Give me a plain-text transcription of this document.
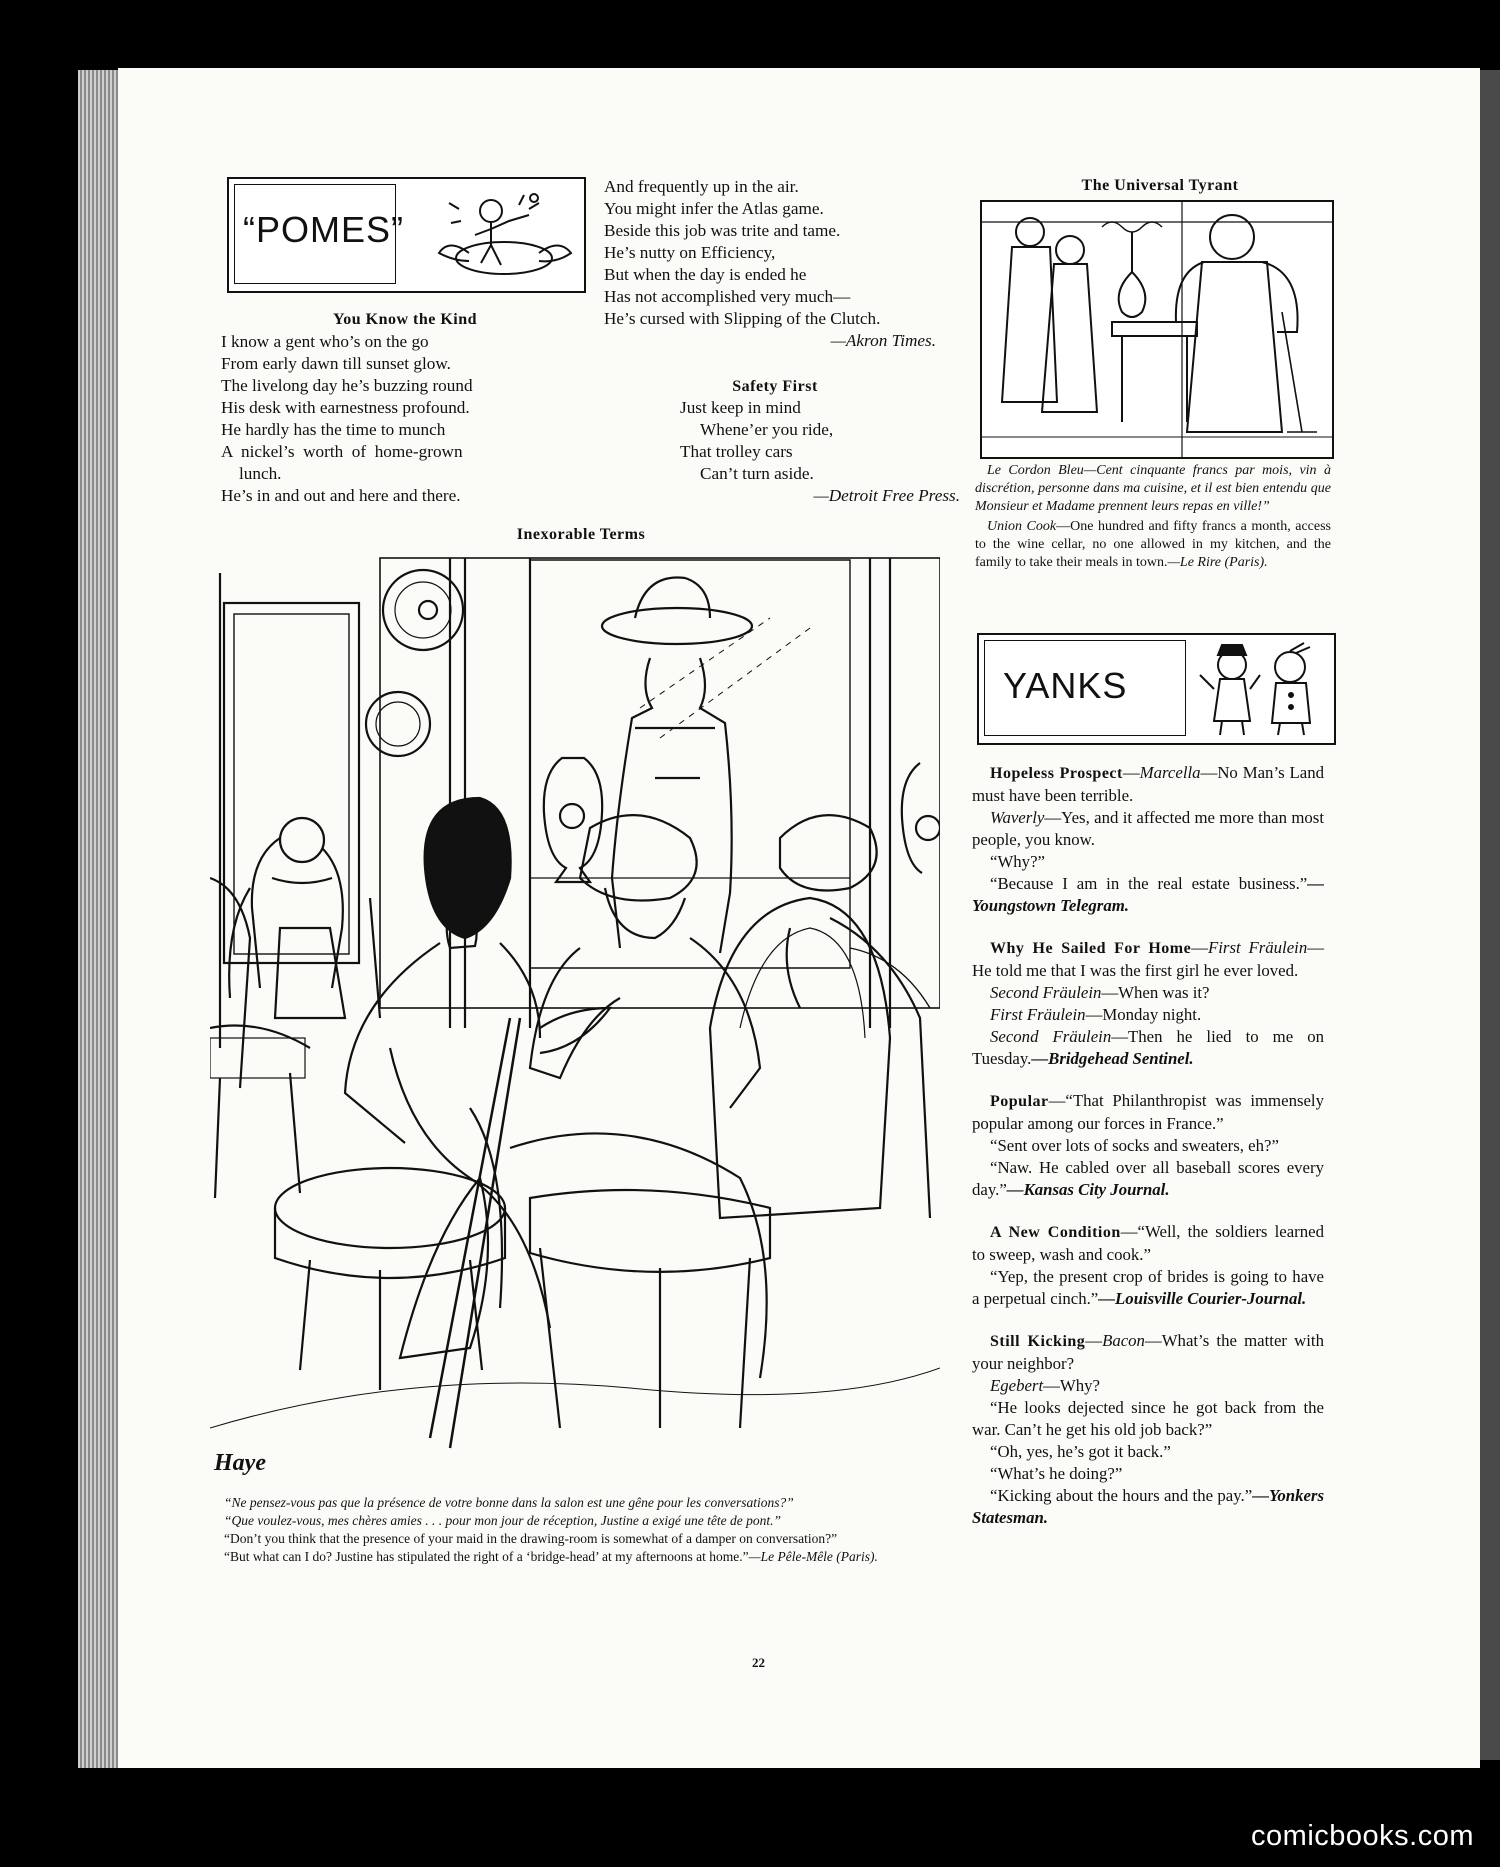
“POMES”
You Know the Kind
I know a gent who’s on the go
From early dawn till sunset glow.
The livelong day he’s buzzing round
His desk with earnestness profound.
He hardly has the time to munch
A  nickel’s  worth  of  home-grown
lunch.
He’s in and out and here and there.
And frequently up in the air.
You might infer the Atlas game.
Beside this job was trite and tame.
He’s nutty on Efficiency,
But when the day is ended he
Has not accomplished very much—
He’s cursed with Slipping of the Clutch.
—Akron Times.
Safety First
Just keep in mind
Whene’er you ride,
That trolley cars
Can’t turn aside.
—Detroit Free Press.
Inexorable Terms
Haye
“Ne pensez-vous pas que la présence de votre bonne dans la salon est une gêne pour les conversations?”
“Que voulez-vous, mes chères amies . . . pour mon jour de réception, Justine a exigé une tête de pont.”
“Don’t you think that the presence of your maid in the drawing-room is somewhat of a damper on conversation?”
“But what can I do? Justine has stipulated the right of a ‘bridge-head’ at my afternoons at home.”—Le Pêle-Mêle (Paris).
The Universal Tyrant
Le Cordon Bleu—Cent cinquante francs par mois, vin à discrétion, personne dans ma cuisine, et il est bien entendu que Monsieur et Madame prennent leurs repas en ville!”
Union Cook—One hundred and fifty francs a month, access to the wine cellar, no one allowed in my kitchen, and the family to take their meals in town.—Le Rire (Paris).
YANKS

Hopeless Prospect—Marcella—No Man’s Land must have been terrible.

Waverly—Yes, and it affected me more than most people, you know.

“Why?”

“Because I am in the real estate business.”—Youngstown Telegram.

Why He Sailed For Home—First Fräulein—He told me that I was the first girl he ever loved.

Second Fräulein—When was it?

First Fräulein—Monday night.

Second Fräulein—Then he lied to me on Tuesday.—Bridgehead Sentinel.

Popular—“That Philanthropist was immensely popular among our forces in France.”

“Sent over lots of socks and sweaters, eh?”

“Naw. He cabled over all baseball scores every day.”—Kansas City Journal.

A New Condition—“Well, the soldiers learned to sweep, wash and cook.”

“Yep, the present crop of brides is going to have a perpetual cinch.”—Louisville Courier-Journal.

Still Kicking—Bacon—What’s the matter with your neighbor?

Egebert—Why?

“He looks dejected since he got back from the war. Can’t he get his old job back?”

“Oh, yes, he’s got it back.”

“What’s he doing?”

“Kicking about the hours and the pay.”—Yonkers Statesman.

22
comicbooks.com
